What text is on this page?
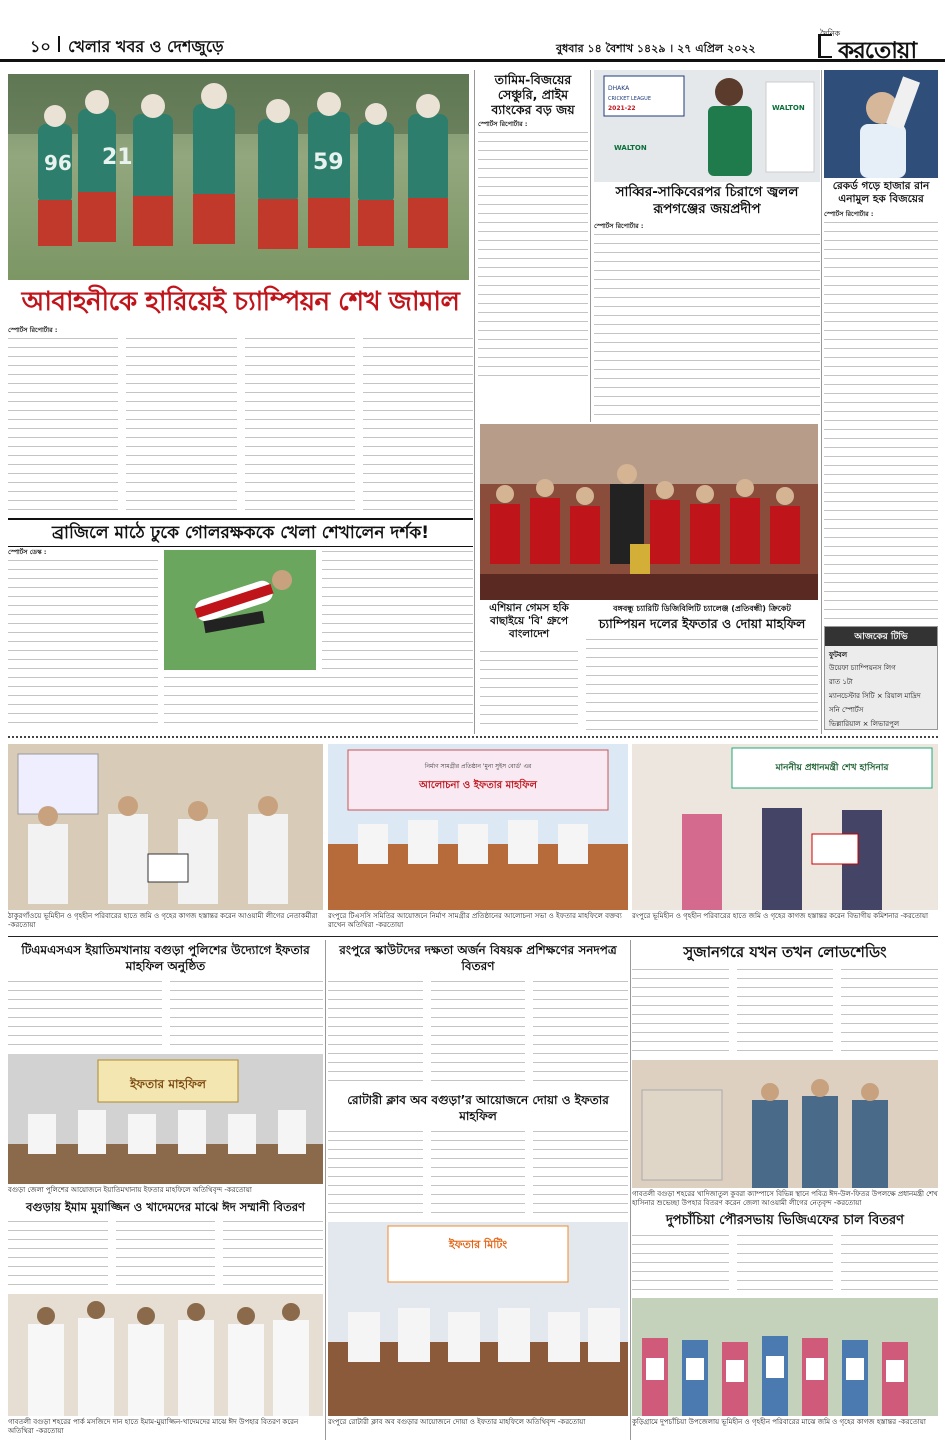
১০ খেলার খবর ও দেশজুড়ে	বুধবার ১৪ বৈশাখ ১৪২৯ । ২৭ এপ্রিল ২০২২
দৈনিক
করতোয়া
21	59
96
তামিম-বিজয়ের সেঞ্চুরি, প্রাইম ব্যাংকের বড় জয়
স্পোর্টস রিপোর্টার :
DHAKA
CRICKET LEAGUE
2021-22	WALTON
WALTON
সাব্বির-সাকিবেরপর চিরাগে জ্বলল রূপগঞ্জের জয়প্রদীপ
স্পোর্টস রিপোর্টার :
রেকর্ড গড়ে হাজার রান এনামুল হক বিজয়ের
স্পোর্টস রিপোর্টার :
আবাহনীকে হারিয়েই চ্যাম্পিয়ন শেখ জামাল
স্পোর্টস রিপোর্টার :
ব্রাজিলে মাঠে ঢুকে গোলরক্ষককে খেলা শেখালেন দর্শক!
স্পোর্টস ডেস্ক :
এশিয়ান গেমস হকি বাছাইয়ে 'বি' গ্রুপে বাংলাদেশ
বঙ্গবন্ধু চ্যারিটি ডিজিবিলিটি চ্যালেঞ্জ (প্রতিবন্ধী) ক্রিকেট
চ্যাম্পিয়ন দলের ইফতার ও দোয়া মাহফিল
আজকের টিভি
ফুটবল
উয়েফা চ্যাম্পিয়নস লিগ
রাত ১টা
ম্যানচেস্টার সিটি × রিয়াল মাদ্রিদ
সনি স্পোর্টস
ভিল্লারিয়াল × লিভারপুল
নির্মাণ সামগ্রীর প্রতিষ্ঠান 'মুনা সুইস বোর্ড' এর
আলোচনা ও ইফতার মাহফিল
মাননীয় প্রধানমন্ত্রী শেখ হাসিনার
ঠাকুরগাঁওয়ে ভূমিহীন ও গৃহহীন পরিবারের হাতে জমি ও গৃহের কাগজ হস্তান্তর করেন আওয়ামী লীগের নেতাকর্মীরা -করতোয়া
রংপুরে টিএসসি সমিতির আয়োজনে নির্মাণ সামগ্রীর প্রতিষ্ঠানের আলোচনা সভা ও ইফতার মাহফিলে বক্তব্য রাখেন অতিথিরা -করতোয়া
রংপুরে ভূমিহীন ও গৃহহীন পরিবারের হাতে জমি ও গৃহের কাগজ হস্তান্তর করেন বিভাগীয় কমিশনার -করতোয়া
টিএমএসএস ইয়াতিমখানায় বগুড়া পুলিশের উদ্যোগে ইফতার মাহফিল অনুষ্ঠিত
ইফতার মাহফিল
বগুড়া জেলা পুলিশের আয়োজনে ইয়াতিমখানায় ইফতার মাহফিলে অতিথিবৃন্দ -করতোয়া
রংপুরে স্কাউটদের দক্ষতা অর্জন বিষয়ক প্রশিক্ষণের সনদপত্র বিতরণ
সুজানগরে যখন তখন লোডশেডিং
গাবতলী বগুড়া শহরের খাদিজাতুল কুবরা ক্যাম্পাসে বিভিন্ন স্থানে পবিত্র ঈদ-উল-ফিতর উপলক্ষে প্রধানমন্ত্রী শেখ হাসিনার শুভেচ্ছা উপহার বিতরণ করেন জেলা আওয়ামী লীগের নেতৃবৃন্দ -করতোয়া
রোটারী ক্লাব অব বগুড়া’র আয়োজনে দোয়া ও ইফতার মাহফিল
বগুড়ায় ইমাম মুয়াজ্জিন ও খাদেমদের মাঝে ঈদ সম্মানী বিতরণ
দুপচাঁচিয়া পৌরসভায় ভিজিএফের চাল বিতরণ
ইফতার মিটিং
গাবতলী বগুড়া শহরের পার্ক মসজিদে দান হাতে ইমাম-মুয়াজ্জিন-খাদেমদের মাঝে ঈদ উপহার বিতরণ করেন অতিথিরা -করতোয়া
রংপুরে রোটারী ক্লাব অব বগুড়ার আয়োজনে দোয়া ও ইফতার মাহফিলে অতিথিবৃন্দ -করতোয়া	কুড়িগ্রামে দুপচাঁচিয়া উপজেলায় ভূমিহীন ও গৃহহীন পরিবারের মাঝে জমি ও গৃহের কাগজ হস্তান্তর -করতোয়া
